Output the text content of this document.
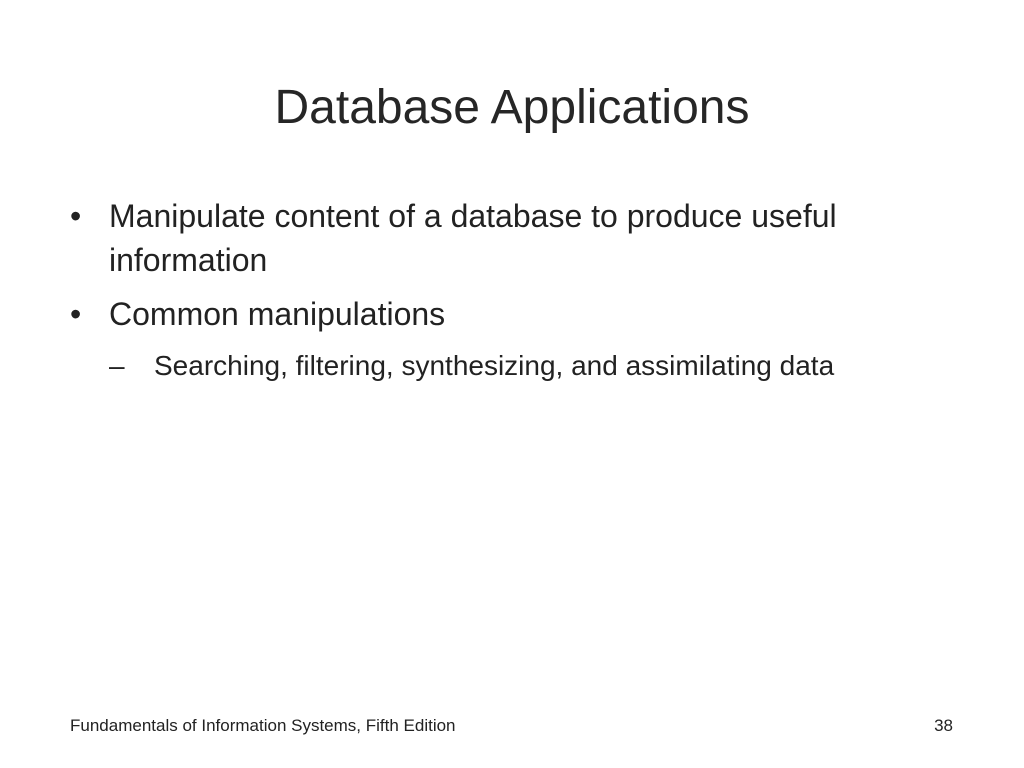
Database Applications
• Manipulate content of a database to produce useful information
• Common manipulations
–	Searching, filtering, synthesizing, and assimilating data
Fundamentals of Information Systems, Fifth Edition	38
